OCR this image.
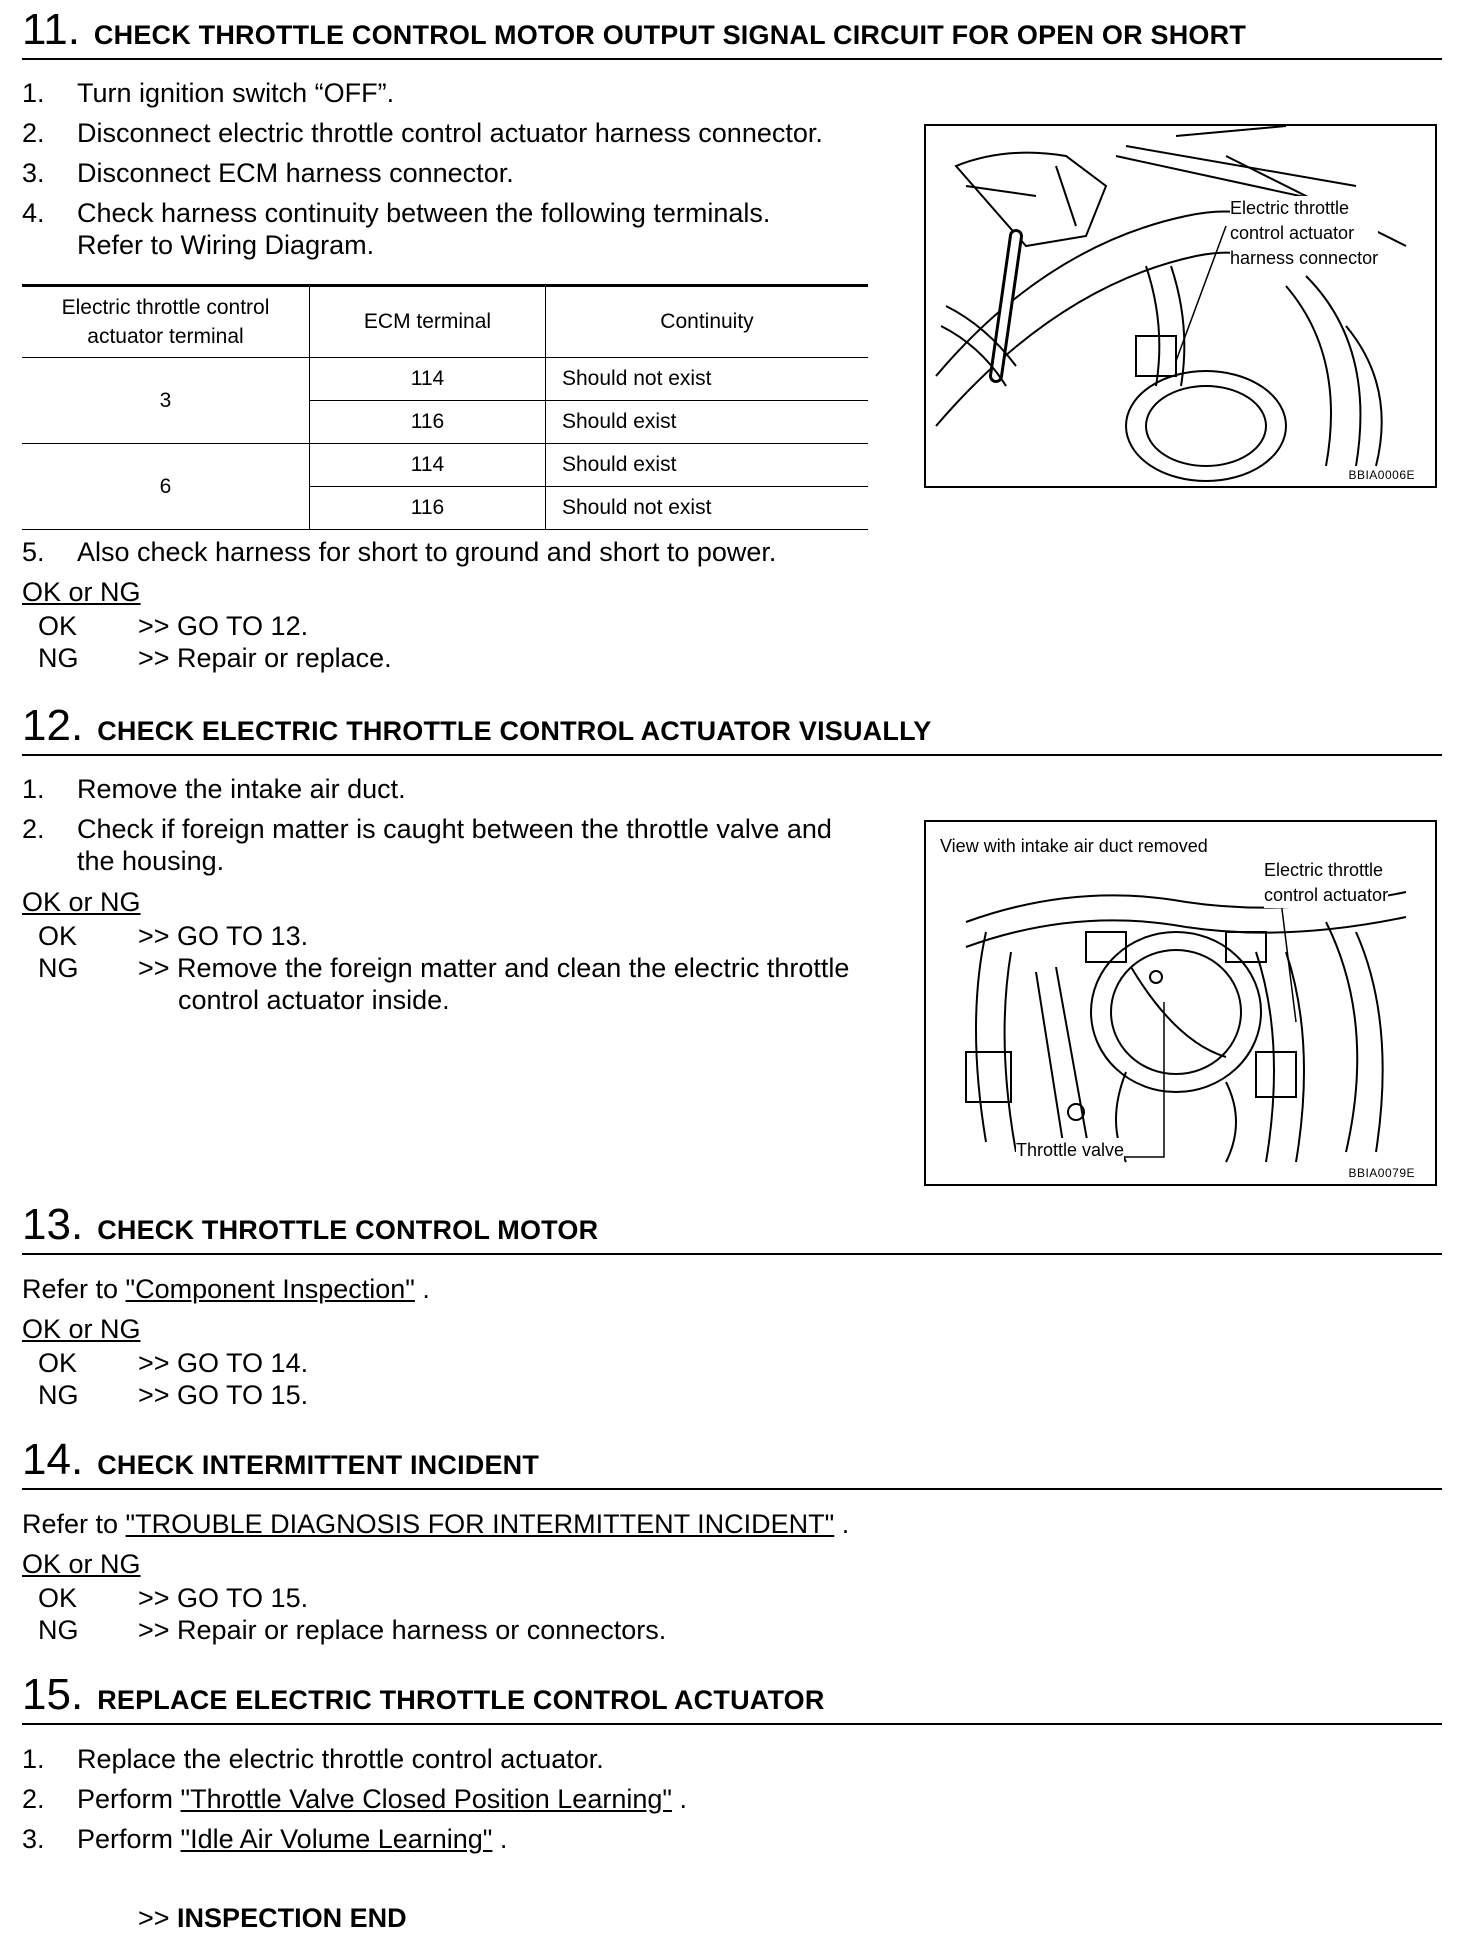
11 . CHECK THROTTLE CONTROL MOTOR OUTPUT SIGNAL CIRCUIT FOR OPEN OR SHORT
1.	Turn ignition switch “OFF”.
2.	Disconnect electric throttle control actuator harness connector.
3.	Disconnect ECM harness connector.
4.	Check harness continuity between the following terminals.
Refer to Wiring Diagram.
Electric throttle control actuator terminal	ECM terminal	Continuity
3	114	Should not exist
	116	Should exist
6	114	Should exist
	116	Should not exist
5.	Also check harness for short to ground and short to power.
OK or NG
OK	>> GO TO 12.
NG	>> Repair or replace.
Electric throttle
control actuator
harness connector
BBIA0006E
12 . CHECK ELECTRIC THROTTLE CONTROL ACTUATOR VISUALLY
1.	Remove the intake air duct.
2.	Check if foreign matter is caught between the throttle valve and
the housing.
OK or NG
OK	>> GO TO 13.
NG	>> Remove the foreign matter and clean the electric throttle
control actuator inside.
View with intake air duct removed
Electric throttle
control actuator
Throttle valve
BBIA0079E
13 . CHECK THROTTLE CONTROL MOTOR
Refer to "Component Inspection" .
OK or NG
OK	>> GO TO 14.
NG	>> GO TO 15.
14 . CHECK INTERMITTENT INCIDENT
Refer to "TROUBLE DIAGNOSIS FOR INTERMITTENT INCIDENT" .
OK or NG
OK	>> GO TO 15.
NG	>> Repair or replace harness or connectors.
15 . REPLACE ELECTRIC THROTTLE CONTROL ACTUATOR
1.	Replace the electric throttle control actuator.
2.	Perform "Throttle Valve Closed Position Learning" .
3.	Perform "Idle Air Volume Learning" .
>> INSPECTION END
